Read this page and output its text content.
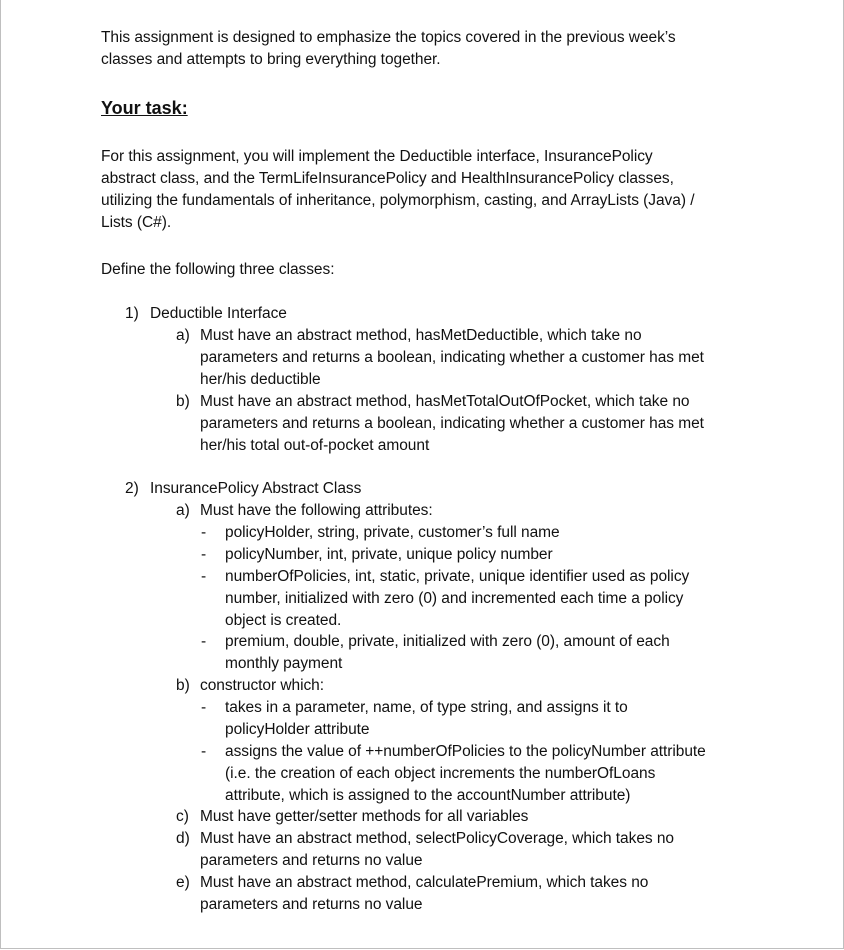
This assignment is designed to emphasize the topics covered in the previous week’s
classes and attempts to bring everything together.
Your task:
For this assignment, you will implement the Deductible interface, InsurancePolicy
abstract class, and the TermLifeInsurancePolicy and HealthInsurancePolicy classes,
utilizing the fundamentals of inheritance, polymorphism, casting, and ArrayLists (Java) /
Lists (C#).
Define the following three classes:
1) Deductible Interface
a) Must have an abstract method, hasMetDeductible, which take no
parameters and returns a boolean, indicating whether a customer has met
her/his deductible
b) Must have an abstract method, hasMetTotalOutOfPocket, which take no
parameters and returns a boolean, indicating whether a customer has met
her/his total out-of-pocket amount
2) InsurancePolicy Abstract Class
a) Must have the following attributes:
- policyHolder, string, private, customer’s full name
- policyNumber, int, private, unique policy number
- numberOfPolicies, int, static, private, unique identifier used as policy
number, initialized with zero (0) and incremented each time a policy
object is created.
- premium, double, private, initialized with zero (0), amount of each
monthly payment
b) constructor which:
- takes in a parameter, name, of type string, and assigns it to
policyHolder attribute
- assigns the value of ++numberOfPolicies to the policyNumber attribute
(i.e. the creation of each object increments the numberOfLoans
attribute, which is assigned to the accountNumber attribute)
c) Must have getter/setter methods for all variables
d) Must have an abstract method, selectPolicyCoverage, which takes no
parameters and returns no value
e) Must have an abstract method, calculatePremium, which takes no
parameters and returns no value
